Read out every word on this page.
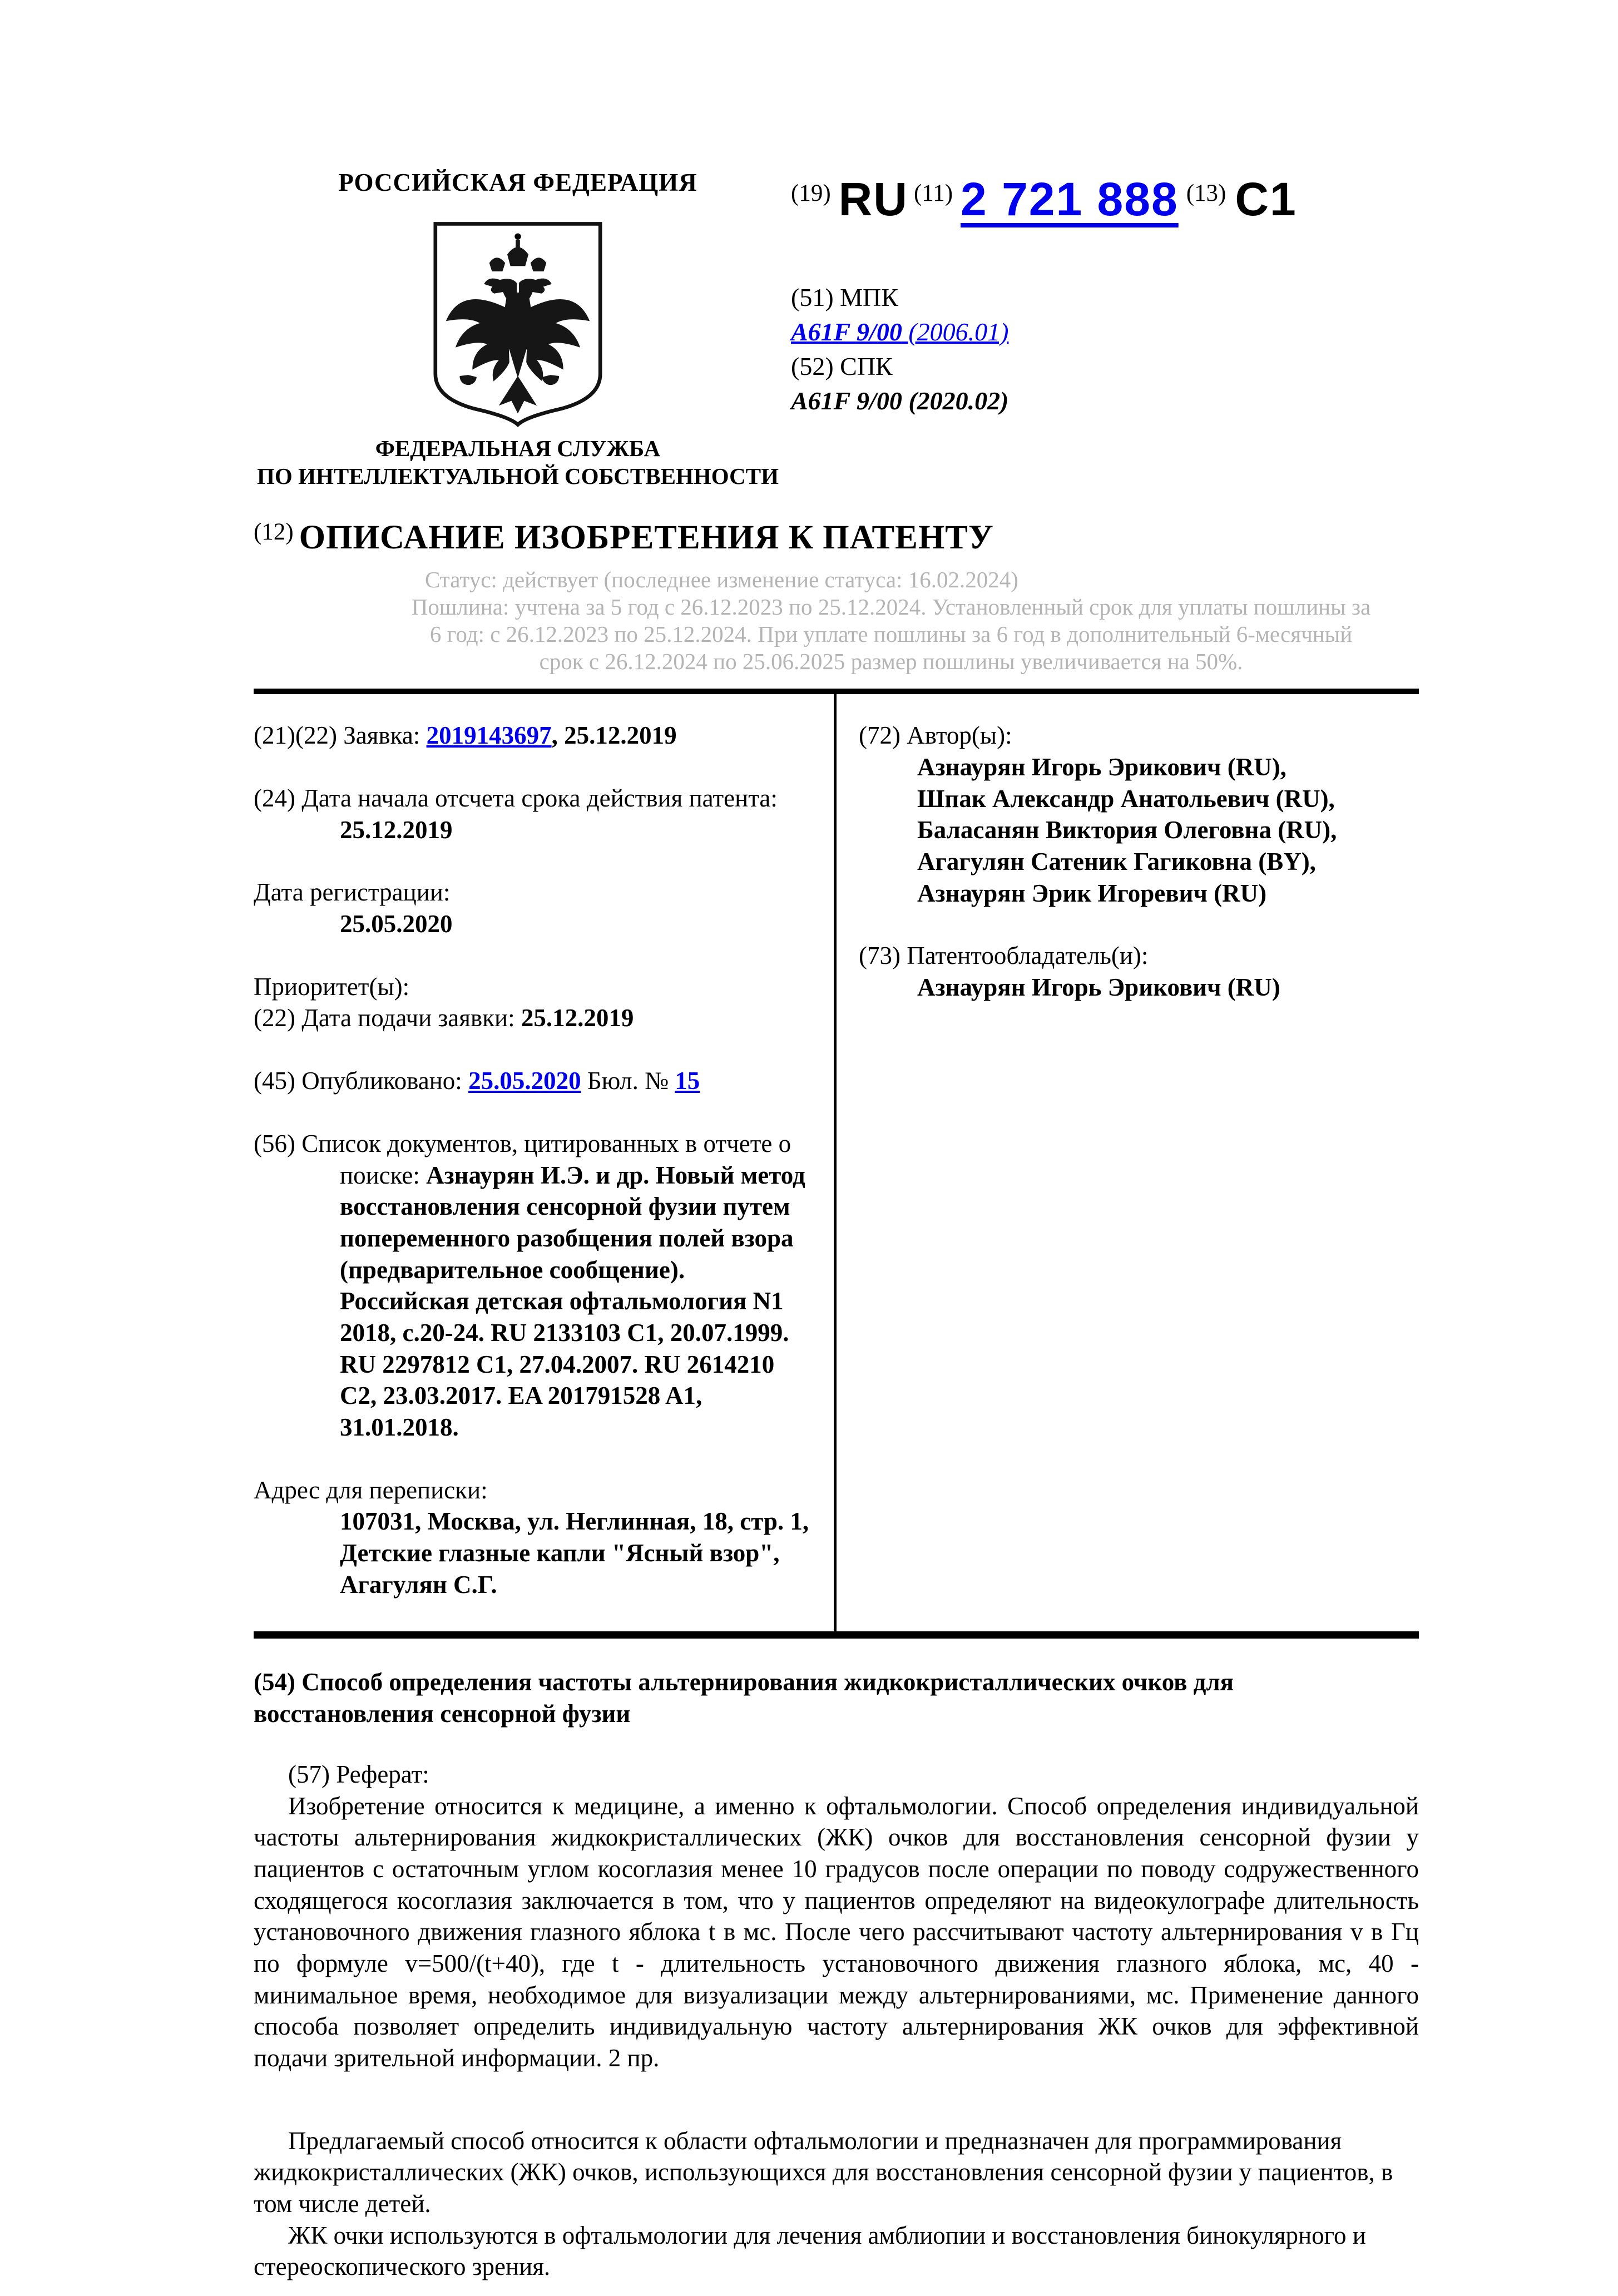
РОССИЙСКАЯ ФЕДЕРАЦИЯ
ФЕДЕРАЛЬНАЯ СЛУЖБА
ПО ИНТЕЛЛЕКТУАЛЬНОЙ СОБСТВЕННОСТИ
(19) RU (11) 2 721 888 (13) C1
(51) МПК
A61F 9/00 (2006.01)
(52) СПК
A61F 9/00 (2020.02)
(12) ОПИСАНИЕ ИЗОБРЕТЕНИЯ К ПАТЕНТУ
Статус: действует (последнее изменение статуса: 16.02.2024)
Пошлина: учтена за 5 год с 26.12.2023 по 25.12.2024. Установленный срок для уплаты пошлины за 6 год: с 26.12.2023 по 25.12.2024. При уплате пошлины за 6 год в дополнительный 6-месячный срок с 26.12.2024 по 25.06.2025 размер пошлины увеличивается на 50%.

(21)(22) Заявка: 2019143697, 25.12.2019

(24) Дата начала отсчета срока действия патента:
25.12.2019
Дата регистрации:
25.05.2020
Приоритет(ы):
(22) Дата подачи заявки: 25.12.2019

(45) Опубликовано: 25.05.2020 Бюл. № 15

(56) Список документов, цитированных в отчете о поиске: Азнаурян И.Э. и др. Новый метод восстановления сенсорной фузии путем попеременного разобщения полей взора (предварительное сообщение). Российская детская офтальмология N1 2018, с.20-24. RU 2133103 C1, 20.07.1999. RU 2297812 C1, 27.04.2007. RU 2614210 C2, 23.03.2017. EA 201791528 A1, 31.01.2018.

Адрес для переписки:
107031, Москва, ул. Неглинная, 18, стр. 1,
Детские глазные капли "Ясный взор",
Агагулян С.Г.
(72) Автор(ы):
Азнаурян Игорь Эрикович (RU),
Шпак Александр Анатольевич (RU),
Баласанян Виктория Олеговна (RU),
Агагулян Сатеник Гагиковна (BY),
Азнаурян Эрик Игоревич (RU)
(73) Патентообладатель(и):
Азнаурян Игорь Эрикович (RU)
(54) Способ определения частоты альтернирования жидкокристаллических очков для восстановления сенсорной фузии
(57) Реферат:
Изобретение относится к медицине, а именно к офтальмологии. Способ определения индивидуальной частоты альтернирования жидкокристаллических (ЖК) очков для восстановления сенсорной фузии у пациентов с остаточным углом косоглазия менее 10 градусов после операции по поводу содружественного сходящегося косоглазия заключается в том, что у пациентов определяют на видеокулографе длительность установочного движения глазного яблока t в мс. После чего рассчитывают частоту альтернирования v в Гц по формуле v=500/(t+40), где t - длительность установочного движения глазного яблока, мс, 40 - минимальное время, необходимое для визуализации между альтернированиями, мс. Применение данного способа позволяет определить индивидуальную частоту альтернирования ЖК очков для эффективной подачи зрительной информации. 2 пр.
Предлагаемый способ относится к области офтальмологии и предназначен для программирования жидкокристаллических (ЖК) очков, использующихся для восстановления сенсорной фузии у пациентов, в том числе детей.
ЖК очки используются в офтальмологии для лечения амблиопии и восстановления бинокулярного и стереоскопического зрения.
